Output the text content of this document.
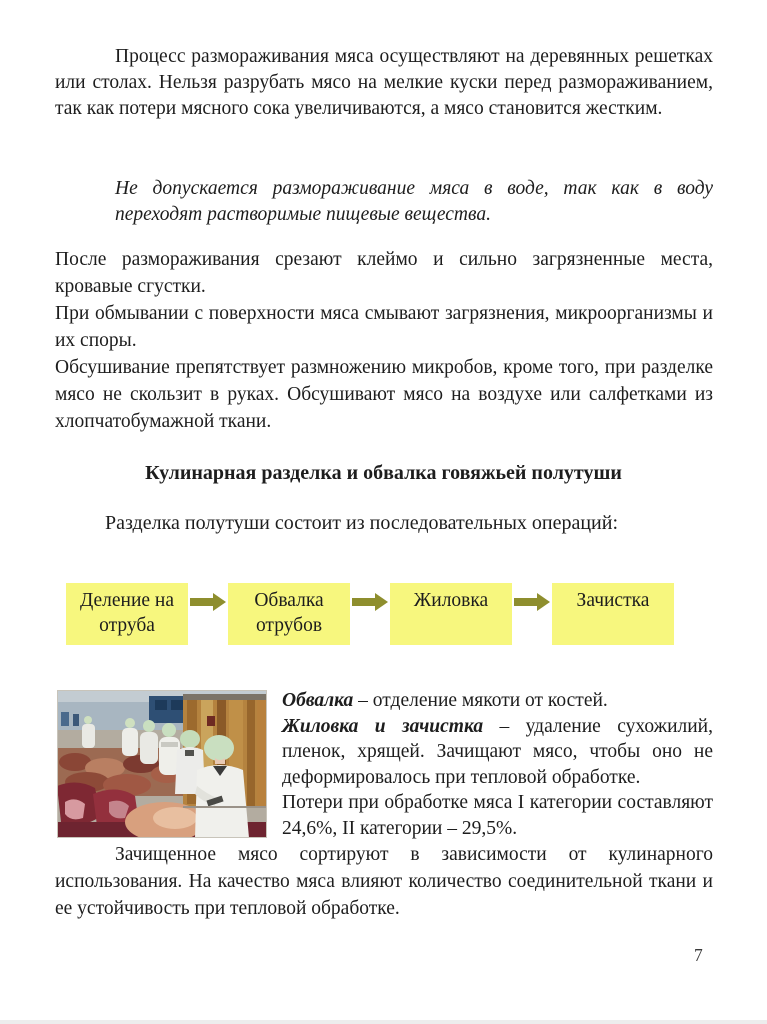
Процесс размораживания мяса осуществляют на деревянных решетках или столах. Нельзя разрубать мясо на мелкие куски перед размораживанием, так как потери мясного сока увеличиваются, а мясо становится жестким.

Не допускается размораживание мяса в воде, так как в воду переходят растворимые пищевые вещества.

После размораживания срезают клеймо и сильно загрязненные места, кровавые сгустки.

При обмывании с поверхности мяса смывают загрязнения, микроорганизмы и их споры.

Обсушивание препятствует размножению микробов, кроме того, при разделке мясо не скользит в руках. Обсушивают мясо на воздухе или салфетками из хлопчатобумажной ткани.

Кулинарная разделка и обвалка говяжьей полутуши

Разделка полутуши состоит из последовательных операций:

Деление на отруба
Обвалка отрубов
Жиловка	Зачистка

Обвалка – отделение мякоти от костей.

Жиловка и зачистка – удаление сухожилий, пленок, хрящей. Зачищают мясо, чтобы оно не деформировалось при тепловой обработке.

Потери при обработке мяса I категории составляют 24,6%, II категории – 29,5%.

Зачищенное мясо сортируют в зависимости от кулинарного использования. На качество мяса влияют количество соединительной ткани и ее устойчивость при тепловой обработке.

7
